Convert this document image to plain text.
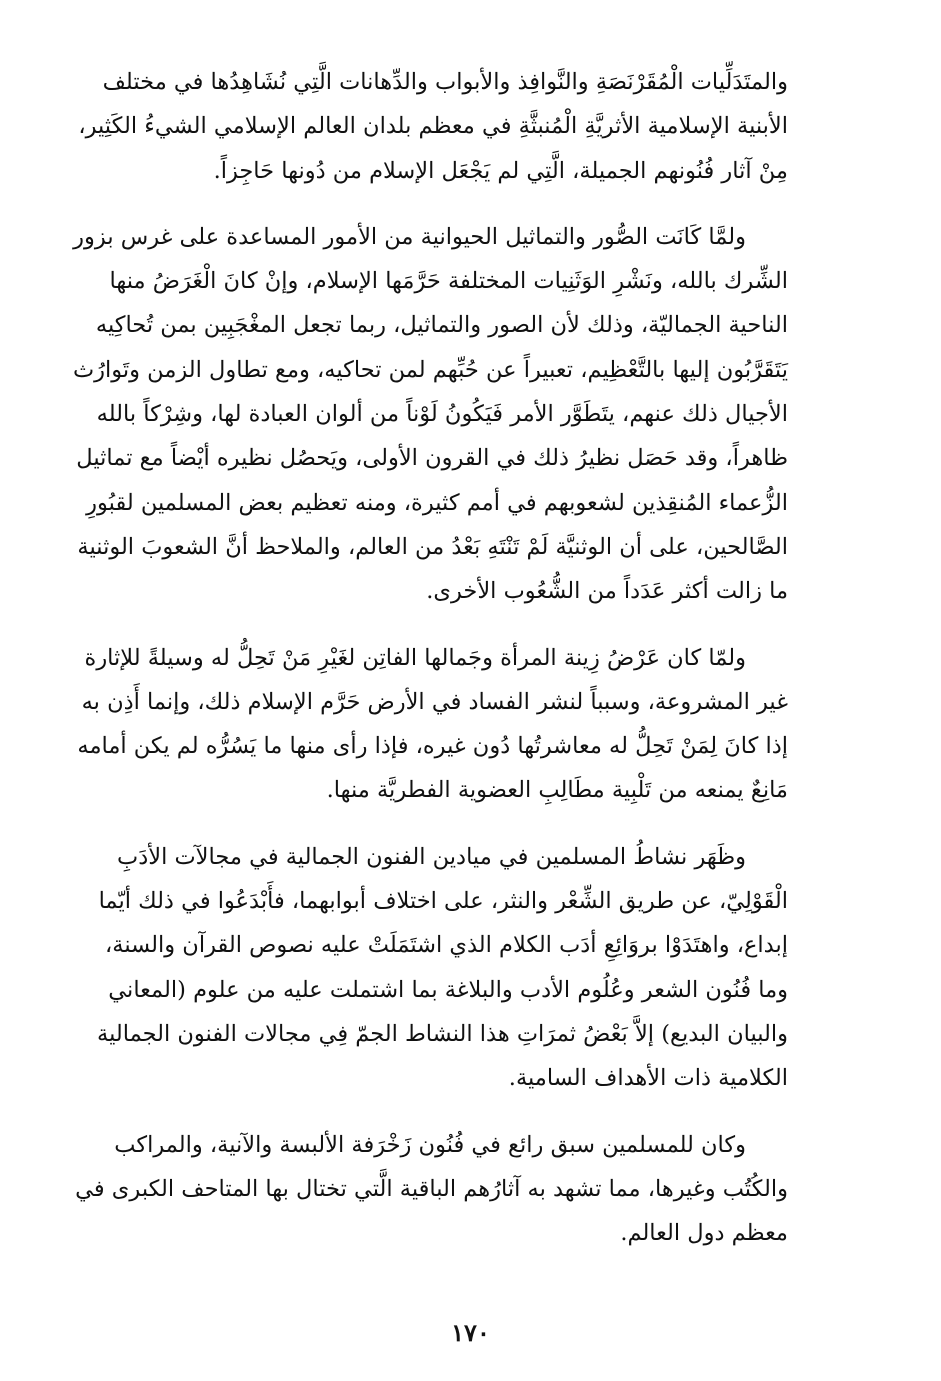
والمتَدَلِّيات الْمُقَرْنَصَةِ والنَّوافِذ والأبواب والدِّهانات الَّتِي نُشَاهِدُها في مختلف
الأبنية الإسلامية الأثريَّةِ الْمُنبثَّةِ في معظم بلدان العالم الإسلامي الشيءُ الكَثِير،
مِنْ آثار فُنُونهم الجميلة، الَّتِي لم يَجْعَل الإسلام من دُونها حَاجِزاً.
ولمَّا كَانَت الصُّور والتماثيل الحيوانية من الأمور المساعدة على غرس بزور
الشِّرك بالله، ونَشْرِ الوَثَنِيات المختلفة حَرَّمَها الإسلام، وإنْ كانَ الْغَرَضُ منها
الناحية الجماليّة، وذلك لأن الصور والتماثيل، ربما تجعل المغْجَبِين بمن تُحاكِيه
يَتَقَرَّبُون إليها بالتَّعْظِيم، تعبيراً عن حُبِّهم لمن تحاكيه، ومع تطاول الزمن وتَوارُث
الأجيال ذلك عنهم، يتَطَوَّر الأمر فَيَكُونُ لَوْناً من ألوان العبادة لها، وشِرْكاً بالله
ظاهراً، وقد حَصَل نظيرُ ذلك في القرون الأولى، ويَحصُل نظيره أيْضاً مع تماثيل
الزُّعماء المُنقِذين لشعوبهم في أمم كثيرة، ومنه تعظيم بعض المسلمين لقبُورِ
الصَّالحين، على أن الوثنيَّة لَمْ تَنْتَهِ بَعْدُ من العالم، والملاحظ أنَّ الشعوبَ الوثنية
ما زالت أكثر عَدَداً من الشُّعُوب الأخرى.
ولمّا كان عَرْضُ زِينة المرأة وجَمالها الفاتِن لغَيْرِ مَنْ تَحِلُّ له وسيلةً للإثارة
غير المشروعة، وسبباً لنشر الفساد في الأرض حَرَّم الإسلام ذلك، وإنما أَذِن به
إذا كانَ لِمَنْ تَحِلُّ له معاشرتُها دُون غيره، فإذا رأى منها ما يَسُرُّه لم يكن أمامه
مَانِعٌ يمنعه من تَلْبِية مطَالِبِ العضوية الفطريَّة منها.
وظَهَر نشاطُ المسلمين في ميادين الفنون الجمالية في مجالآت الأدَبِ
الْقَوْلِيّ، عن طريق الشِّعْر والنثر، على اختلاف أبوابهما، فأَبْدَعُوا في ذلك أيّما
إبداع، واهتَدَوْا بروَائِعِ أدَب الكلام الذي اشتَمَلَتْ عليه نصوص القرآن والسنة،
وما فُنُون الشعر وعُلُوم الأدب والبلاغة بما اشتملت عليه من علوم (المعاني
والبيان البديع) إلاَّ بَعْضُ ثمرَاتِ هذا النشاط الجمّ فِي مجالات الفنون الجمالية
الكلامية ذات الأهداف السامية.
وكان للمسلمين سبق رائع في فُنُون زَخْرَفة الألبسة والآنية، والمراكب
والكُتُب وغيرها، مما تشهد به آثارُهم الباقية الَّتي تختال بها المتاحف الكبرى في
معظم دول العالم.
١٧٠
